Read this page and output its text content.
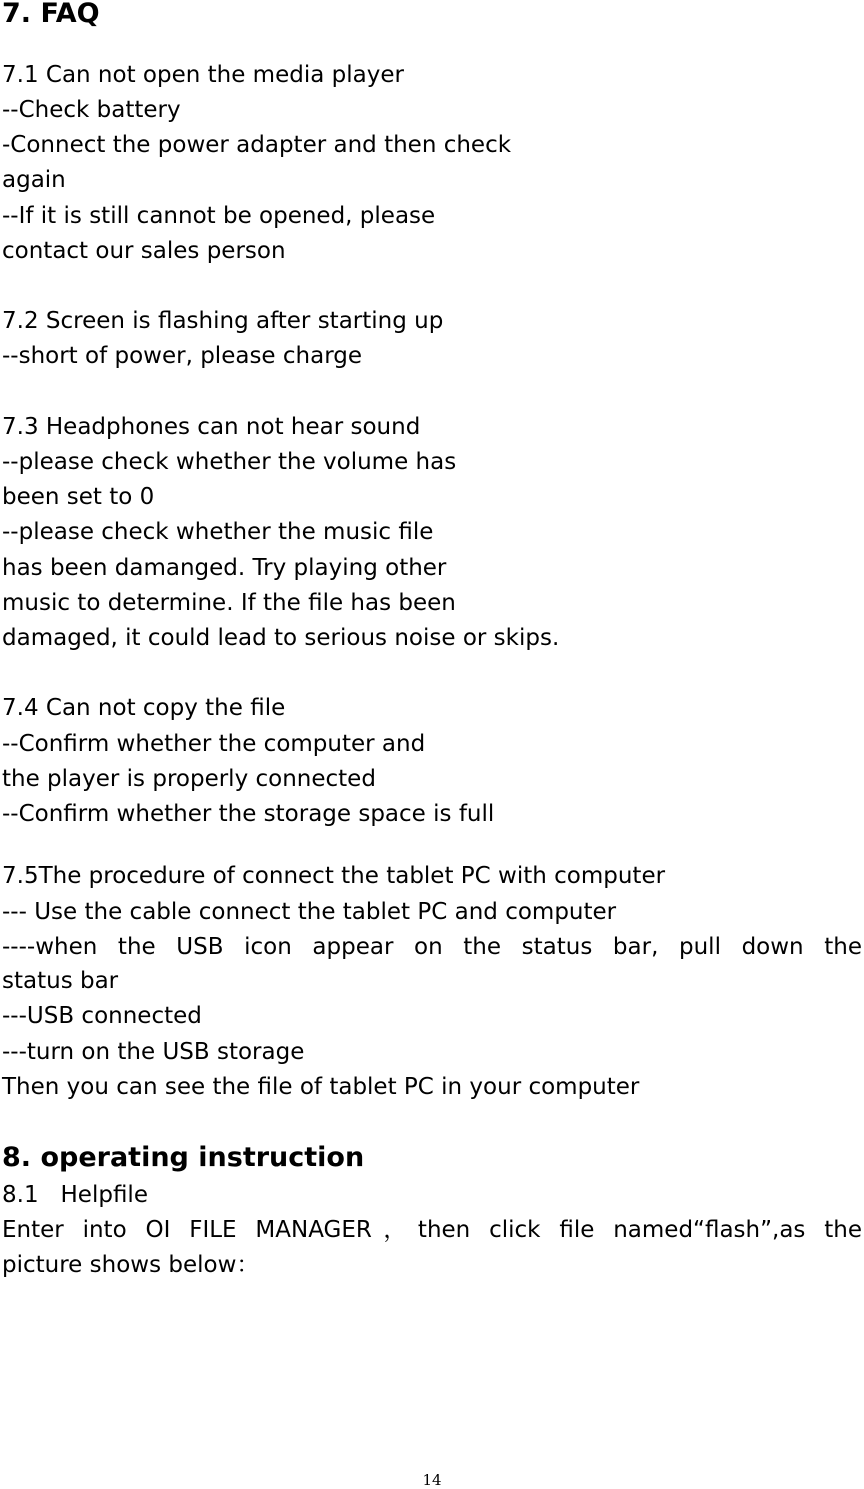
7. FAQ
7.1 Can not open the media player
--Check battery
-Connect the power adapter and then check
again
--If it is still cannot be opened, please
contact our sales person
7.2 Screen is flashing after starting up
--short of power, please charge
7.3 Headphones can not hear sound
--please check whether the volume has
been set to 0
--please check whether the music file
has been damanged. Try playing other
music to determine. If the file has been
damaged, it could lead to serious noise or skips.
7.4 Can not copy the file
--Confirm whether the computer and
the player is properly connected
--Confirm whether the storage space is full
7.5The procedure of connect the tablet PC with computer
--- Use the cable connect the tablet PC and computer
----when the USB icon appear on the status bar, pull down the
status bar
---USB connected
---turn on the USB storage
Then you can see the file of tablet PC in your computer
8. operating instruction
8.1   Helpfile
Enter into OI FILE MANAGER，then click file named“flash”,as the
picture shows below：
14
